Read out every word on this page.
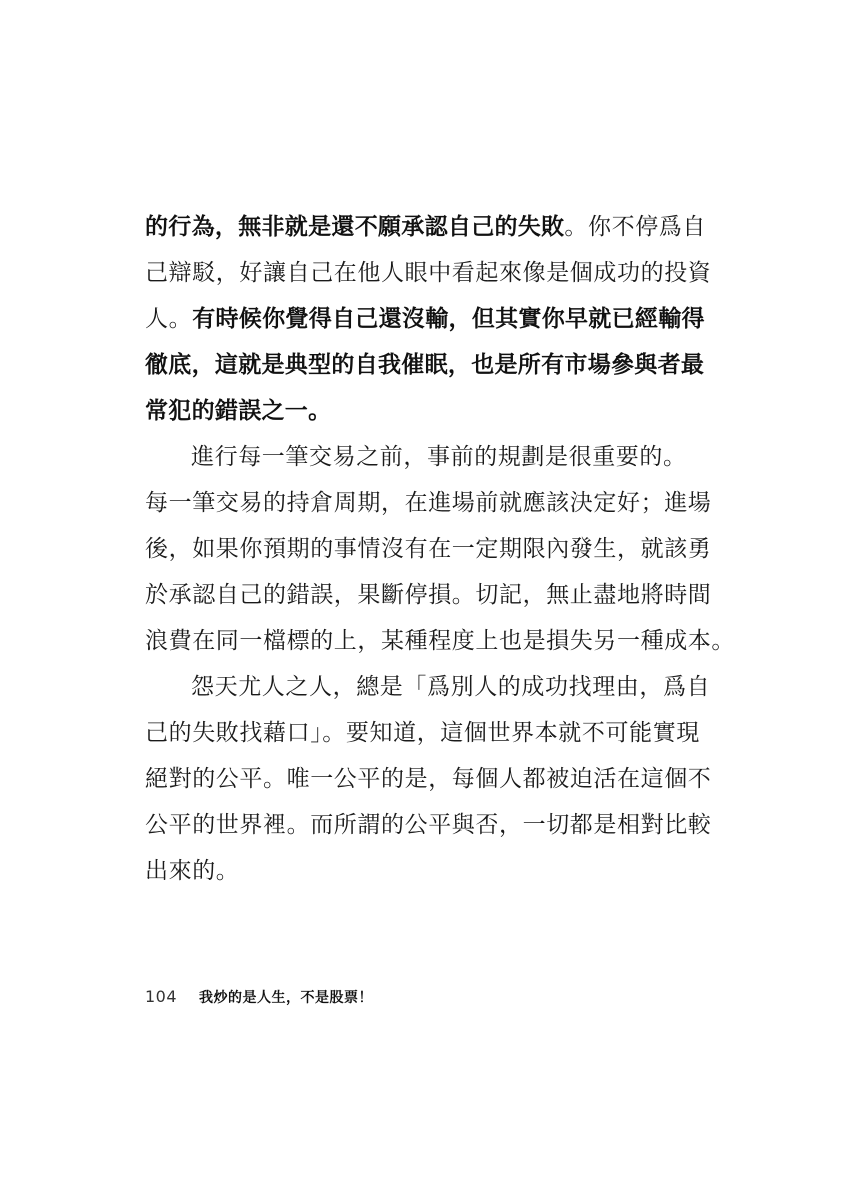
的行為，無非就是還不願承認自己的失敗。你不停爲自
己辯駁，好讓自己在他人眼中看起來像是個成功的投資
人。有時候你覺得自己還沒輸，但其實你早就已經輸得
徹底，這就是典型的自我催眠，也是所有市場參與者最
常犯的錯誤之一。
進行每一筆交易之前，事前的規劃是很重要的。
每一筆交易的持倉周期，在進場前就應該決定好；進場
後，如果你預期的事情沒有在一定期限內發生，就該勇
於承認自己的錯誤，果斷停損。切記，無止盡地將時間
浪費在同一檔標的上，某種程度上也是損失另一種成本。
怨天尤人之人，總是「爲別人的成功找理由，爲自
己的失敗找藉口」。要知道，這個世界本就不可能實現
絕對的公平。唯一公平的是，每個人都被迫活在這個不
公平的世界裡。而所謂的公平與否，一切都是相對比較
出來的。
104 我炒的是人生，不是股票！
